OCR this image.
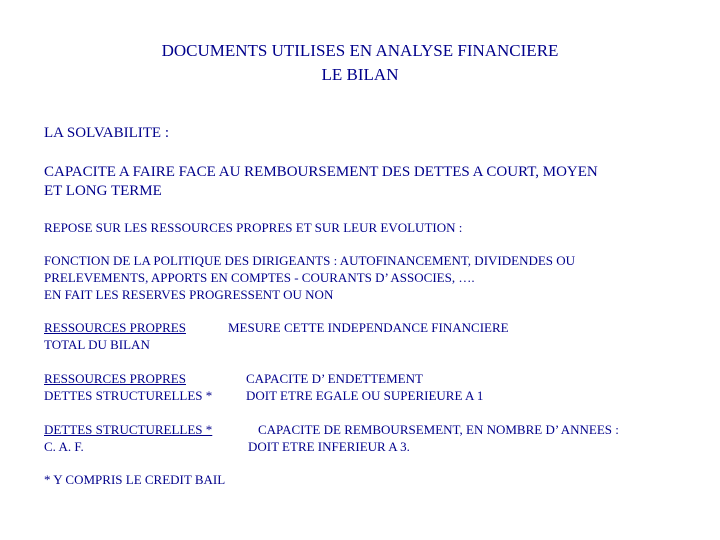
DOCUMENTS UTILISES EN ANALYSE FINANCIERE
LE BILAN
LA SOLVABILITE :
CAPACITE A FAIRE FACE AU REMBOURSEMENT DES DETTES A COURT, MOYEN
ET LONG TERME
REPOSE SUR LES RESSOURCES PROPRES ET SUR LEUR EVOLUTION :
FONCTION DE LA POLITIQUE DES DIRIGEANTS : AUTOFINANCEMENT, DIVIDENDES OU
PRELEVEMENTS, APPORTS EN COMPTES - COURANTS D’ ASSOCIES, ….
EN FAIT LES RESERVES PROGRESSENT OU NON
RESSOURCES PROPRES
TOTAL DU BILAN
MESURE CETTE INDEPENDANCE FINANCIERE
RESSOURCES PROPRES
DETTES STRUCTURELLES *
CAPACITE D’ ENDETTEMENT
DOIT ETRE EGALE OU SUPERIEURE A 1
DETTES STRUCTURELLES *
C. A. F.
CAPACITE DE REMBOURSEMENT, EN NOMBRE D’ ANNEES :
DOIT ETRE INFERIEUR A 3.
* Y COMPRIS LE CREDIT BAIL
